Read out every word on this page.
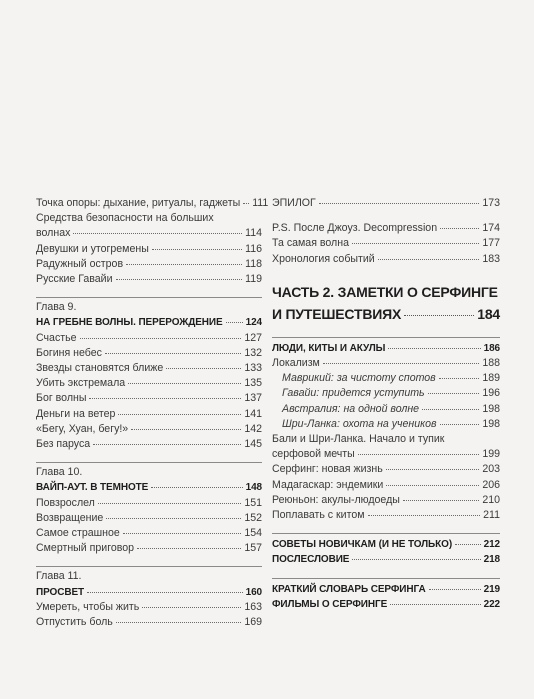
Точка опоры: дыхание, ритуалы, гаджеты 111
Средства безопасности на больших
волнах	114
Девушки и утогремены	116
Радужный остров	118
Русские Гавайи	119
Глава 9.
НА ГРЕБНЕ ВОЛНЫ. ПЕРЕРОЖДЕНИЕ 124
Счастье	127
Богиня небес	132
Звезды становятся ближе	133
Убить экстремала	135
Бог волны	137
Деньги на ветер	141
«Бегу, Хуан, бегу!»	142
Без паруса	145
Глава 10.
ВАЙП-АУТ. В ТЕМНОТЕ	148
Повзрослел	151
Возвращение	152
Самое страшное	154
Смертный приговор	157
Глава 11.
ПРОСВЕТ	160
Умереть, чтобы жить	163
Отпустить боль	169
ЭПИЛОГ	173
P.S. После Джоуз. Decompression	174
Та самая волна	177
Хронология событий	183
ЧАСТЬ 2. ЗАМЕТКИ О СЕРФИНГЕ
И ПУТЕШЕСТВИЯХ	184
ЛЮДИ, КИТЫ И АКУЛЫ	186
Локализм	188
Маврикий: за чистоту спотов	189
Гавайи: придется уступить	196
Австралия: на одной волне	198
Шри-Ланка: охота на учеников	198
Бали и Шри-Ланка. Начало и тупик
серфовой мечты	199
Серфинг: новая жизнь	203
Мадагаскар: эндемики	206
Реюньон: акулы-людоеды	210
Поплавать с китом	211
СОВЕТЫ НОВИЧКАМ (И НЕ ТОЛЬКО)	212
ПОСЛЕСЛОВИЕ	218
КРАТКИЙ СЛОВАРЬ СЕРФИНГА	219
ФИЛЬМЫ О СЕРФИНГЕ	222
